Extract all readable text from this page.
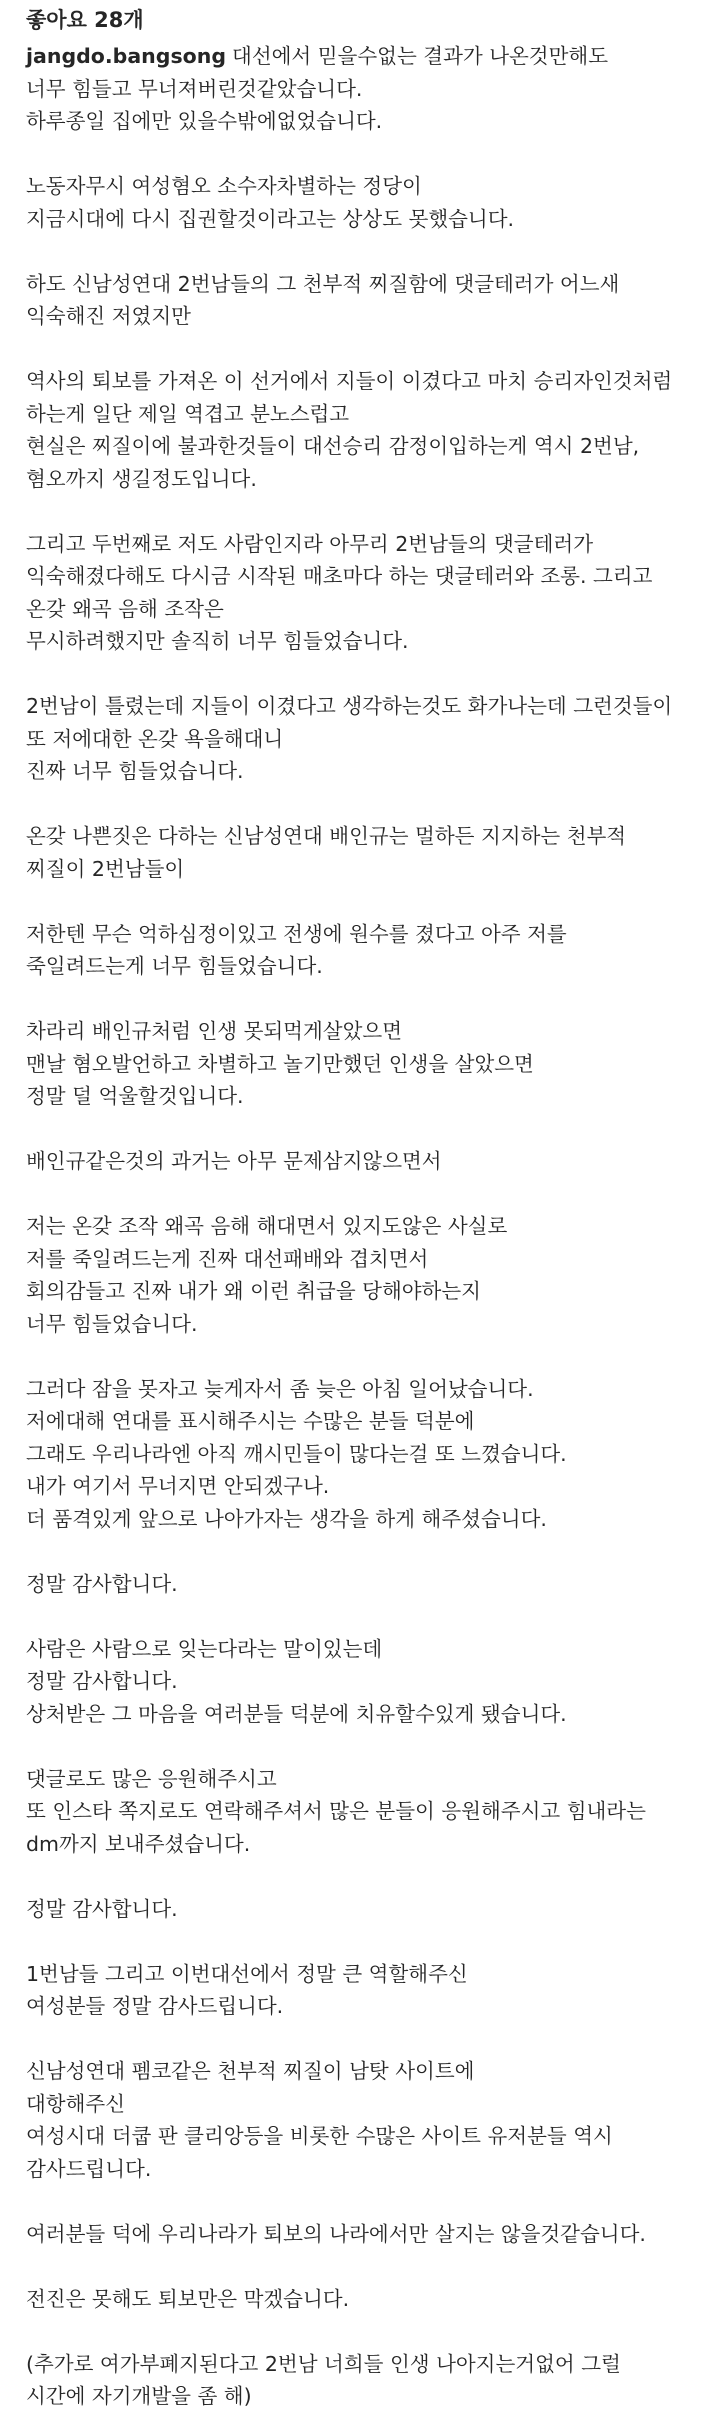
좋아요 28개
jangdo.bangsong 대선에서 믿을수없는 결과가 나온것만해도
너무 힘들고 무너져버린것같았습니다.
하루종일 집에만 있을수밖에없었습니다.
노동자무시 여성혐오 소수자차별하는 정당이
지금시대에 다시 집권할것이라고는 상상도 못했습니다.
하도 신남성연대 2번남들의 그 천부적 찌질함에 댓글테러가 어느새
익숙해진 저였지만
역사의 퇴보를 가져온 이 선거에서 지들이 이겼다고 마치 승리자인것처럼
하는게 일단 제일 역겹고 분노스럽고
현실은 찌질이에 불과한것들이 대선승리 감정이입하는게 역시 2번남,
혐오까지 생길정도입니다.
그리고 두번째로 저도 사람인지라 아무리 2번남들의 댓글테러가
익숙해졌다해도 다시금 시작된 매초마다 하는 댓글테러와 조롱. 그리고
온갖 왜곡 음해 조작은
무시하려했지만 솔직히 너무 힘들었습니다.
2번남이 틀렸는데 지들이 이겼다고 생각하는것도 화가나는데 그런것들이
또 저에대한 온갖 욕을해대니
진짜 너무 힘들었습니다.
온갖 나쁜짓은 다하는 신남성연대 배인규는 멀하든 지지하는 천부적
찌질이 2번남들이
저한텐 무슨 억하심정이있고 전생에 원수를 졌다고 아주 저를
죽일려드는게 너무 힘들었습니다.
차라리 배인규처럼 인생 못되먹게살았으면
맨날 혐오발언하고 차별하고 놀기만했던 인생을 살았으면
정말 덜 억울할것입니다.
배인규같은것의 과거는 아무 문제삼지않으면서
저는 온갖 조작 왜곡 음해 해대면서 있지도않은 사실로
저를 죽일려드는게 진짜 대선패배와 겹치면서
회의감들고 진짜 내가 왜 이런 취급을 당해야하는지
너무 힘들었습니다.
그러다 잠을 못자고 늦게자서 좀 늦은 아침 일어났습니다.
저에대해 연대를 표시해주시는 수많은 분들 덕분에
그래도 우리나라엔 아직 깨시민들이 많다는걸 또 느꼈습니다.
내가 여기서 무너지면 안되겠구나.
더 품격있게 앞으로 나아가자는 생각을 하게 해주셨습니다.
정말 감사합니다.
사람은 사람으로 잊는다라는 말이있는데
정말 감사합니다.
상처받은 그 마음을 여러분들 덕분에 치유할수있게 됐습니다.
댓글로도 많은 응원해주시고
또 인스타 쪽지로도 연락해주셔서 많은 분들이 응원해주시고 힘내라는
dm까지 보내주셨습니다.
정말 감사합니다.
1번남들 그리고 이번대선에서 정말 큰 역할해주신
여성분들 정말 감사드립니다.
신남성연대 펨코같은 천부적 찌질이 남탓 사이트에
대항해주신
여성시대 더쿱 판 클리앙등을 비롯한 수많은 사이트 유저분들 역시
감사드립니다.
여러분들 덕에 우리나라가 퇴보의 나라에서만 살지는 않을것같습니다.
전진은 못해도 퇴보만은 막겠습니다.
(추가로 여가부폐지된다고 2번남 너희들 인생 나아지는거없어 그럴
시간에 자기개발을 좀 해)
